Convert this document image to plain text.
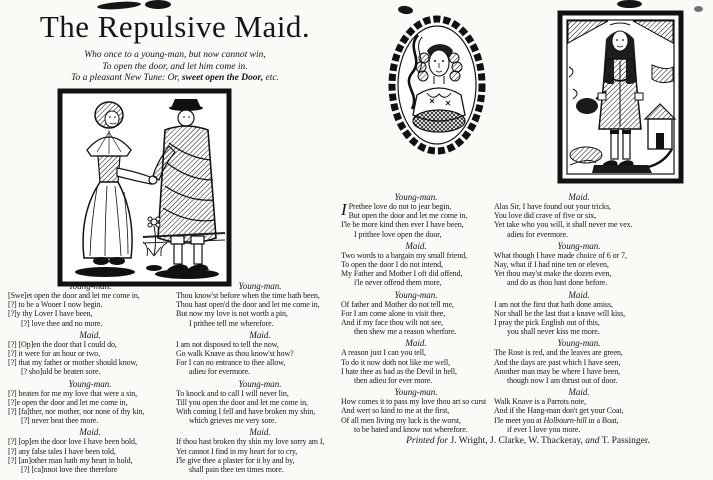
The Repulsive Maid.
Who once to a young-man, but now cannot win,
To open the door, and let him come in.
To a pleasant New Tune: Or, sweet open the Door, etc.
Young-man.
[Swe]et open the door and let me come in,
[?] to be a Wooer I now begin.
[?]y thy Lover I have been,
[?] love thee and no more.
Maid.
[?] [Op]en the door that I could do,
[?] it were for an hour or two,
[?] that my father or mother should know,
[? sho]uld be beaten sore.
Young-man.
[?] beaten for me my love that were a sin,
[?]e open the door and let me come in,
[?] [fa]ther, nor mother, nor none of thy kin,
[?] never beat thee more.
Maid.
[?] [op]en the door love I have been bold,
[?] any false tales I have been told,
[?] [an]other man hath my heart in hold,
[?] [ca]nnot love thee therefore
Young-man.
Thou know'st before when the time hath been,
Thou hast open'd the door and let me come in,
But now my love is not worth a pin,
I prithee tell me wherefore.
Maid.
I am not disposed to tell the now,
Go walk Knave as thou know'st how?
For I can no entrance to thee allow,
adieu for evermore.
Young-man.
To knock and to call I will never lin,
Till you open the door and let me come in,
With coming I fell and have broken my shin,
which grieves me very sore.
Maid.
If thou hast broken thy shin my love sorry am I,
Yet cannot I find in my heart for to cry,
I'le give thee a plaster for it by and by,
shall pain thee ten times more.
Young-man.
I Prethee love do not to jear begin,
But open the door and let me come in,
I'le be more kind then ever I have been,
I prithee love open the door,
Maid.
Two words to a bargain my small friend,
To open the door I do not intend,
My Father and Mother I oft did offend,
i'le never offend them more,
Young-man.
Of father and Mother do not tell me,
For I am come alone to visit thee,
And if my face thou wilt not see,
then shew me a reason wherfore.
Maid.
A reason just I can you tell,
To do it now doth not like me well,
I hate thee as bad as the Devil in hell,
then adieu for ever more.
Young-man.
How comes it to pass my love thou art so curst
And wert so kind to me at the first,
Of all men living my luck is the worst,
to be hated and know not wherefore.
Maid.
Alas Sir, I have found out your tricks,
You love did crave of five or six,
Yet take who you will, it shall never me vex.
adieu for evermore.
Young-man.
What though I have made choice of 6 or 7,
Nay, what if I had nine ten or eleven,
Yet thou may'st make the dozen even,
and do as thou hast done before.
Maid.
I am not the first that hath done amiss,
Nor shall be the last that a knave will kiss,
I pray the pick English out of this,
you shall never kiss me more.
Young-man.
The Rose is red, and the leaves are green,
And the days are past which I have seen,
Another man may be where I have been,
though now I am thrust out of door.
Maid.
Walk Knave is a Parrots note,
And if the Hang-man don't get your Coat,
I'le meet you at Holbourn-hill in a Boat,
if ever I love you more.
Printed for J. Wright, J. Clarke, W. Thackeray, and T. Passinger.
